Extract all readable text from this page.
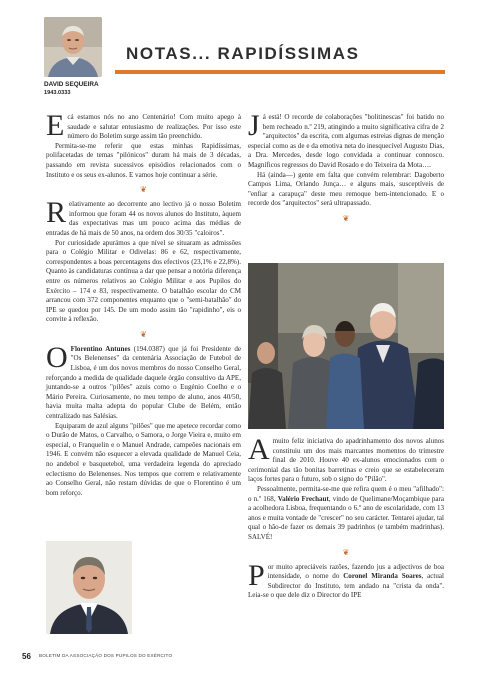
NOTAS... RAPIDÍSSIMAS
DAVID SEQUEIRA
1943.0333

Ecá estamos nós no ano Centenário! Com muito apego à saudade e salutar entusiasmo de realizações. Por isso este número do Boletim surge assim tão preenchido.

Permita-se-me referir que estas minhas Rapidíssimas, polifacetadas de temas "pilónicos" duram há mais de 3 décadas, passando em revista sucessivos episódios relacionados com o Instituto e os seus ex-alunos. E vamos hoje continuar a série.

❦

Relativamente ao decorrente ano lectivo já o nosso Boletim informou que foram 44 os novos alunos do Instituto, àquem das expectativas mas um pouco acima das médias de entradas de há mais de 50 anos, na ordem dos 30/35 "caloiros".

Por curiosidade apurámos a que nível se situaram as admissões para o Colégio Militar e Odivelas: 86 e 62, respectivamente, correspondentes a boas percentagens dos efectivos (23,1% e 22,8%). Quanto às candidaturas contínua a dar que pensar a notória diferença entre os números relativos ao Colégio Militar e aos Pupilos do Exército – 174 e 83, respectivamente. O batalhão escolar do CM arrancou com 372 componentes enquanto que o "semi-batalhão" do IPE se quedou por 145. De um modo assim tão "rapidinho", eis o convite à reflexão.

❦

O Florentino Antunes (194.0387) que já foi Presidente de "Os Belenenses" da centenária Associação de Futebol de Lisboa, é um dos novos membros do nosso Conselho Geral, reforçando a medida de qualidade daquele órgão consultivo da APE, juntando-se a outros "pilões" azuis como o Eugénio Coelho e o Mário Pereira. Curiosamente, no meu tempo de aluno, anos 40/50, havia muita malta adepta do popular Clube de Belém, então centralizado nas Salésias.

Equiparam de azul alguns "pilões" que me apetece recordar como o Durão de Matos, o Carvalho, o Samora, o Jorge Vieira e, muito em especial, o Franquelin e o Manuel Andrade, campeões nacionais em 1946. E convém não esquecer a elevada qualidade de Manuel Ceia, no andebol e basquetebol, uma verdadeira legenda do apreciado eclectismo do Belenenses. Nos tempos que correm e relativamente ao Conselho Geral, não restam dúvidas de que o Florentino é um bom reforço.

Já está! O recorde de colaborações "bolitinescas" foi batido no bem recheado n.º 219, atingindo a muito significativa cifra de 2 "arquitectos" da escrita, com algumas estreias dignas de menção especial como as de e da emotiva neta do inesquecível Augusto Dias, a Dra. Mercedes, desde logo convidada a continuar connosco. Magníficos regressos do David Rosado e do Teixeira da Mota….

Há (ainda—) gente em falta que convém relembrar: Dagoberto Campos Lima, Orlando Junça… e alguns mais, susceptíveis de "enfiar a carapuça" deste meu remoque bem-intencionado. E o recorde dos "arquitectos" será ultrapassado.

❦

A muito feliz iniciativa do apadrinhamento dos novos alunos constituiu um dos mais marcantes momentos do trimestre final de 2010. Houve 40 ex-alunos emocionados com o cerimonial das tão bonitas barretinas e creio que se estabeleceram laços fortes para o futuro, sob o signo do "Pilão".

Pessoalmente, permita-se-me que refira quem é o meu "afilhado": o n.º 168, Valério Frechaut, vindo de Quelimane/Moçambique para a acolhedora Lisboa, frequentando o 6.º ano de escolaridade, com 13 anos e muita vontade de "crescer" no seu carácter. Tentarei ajudar, tal qual o hão-de fazer os demais 39 padrinhos (e também madrinhas). SALVÉ!

❦

Por muito apreciáveis razões, fazendo jus a adjectivos de boa intensidade, o nome do Coronel Miranda Soares, actual Subdirector do Instituto, tem andado na "crista da onda". Leia-se o que dele diz o Director do IPE

56 BOLETIM DA ASSOCIAÇÃO DOS PUPILOS DO EXÉRCITO
